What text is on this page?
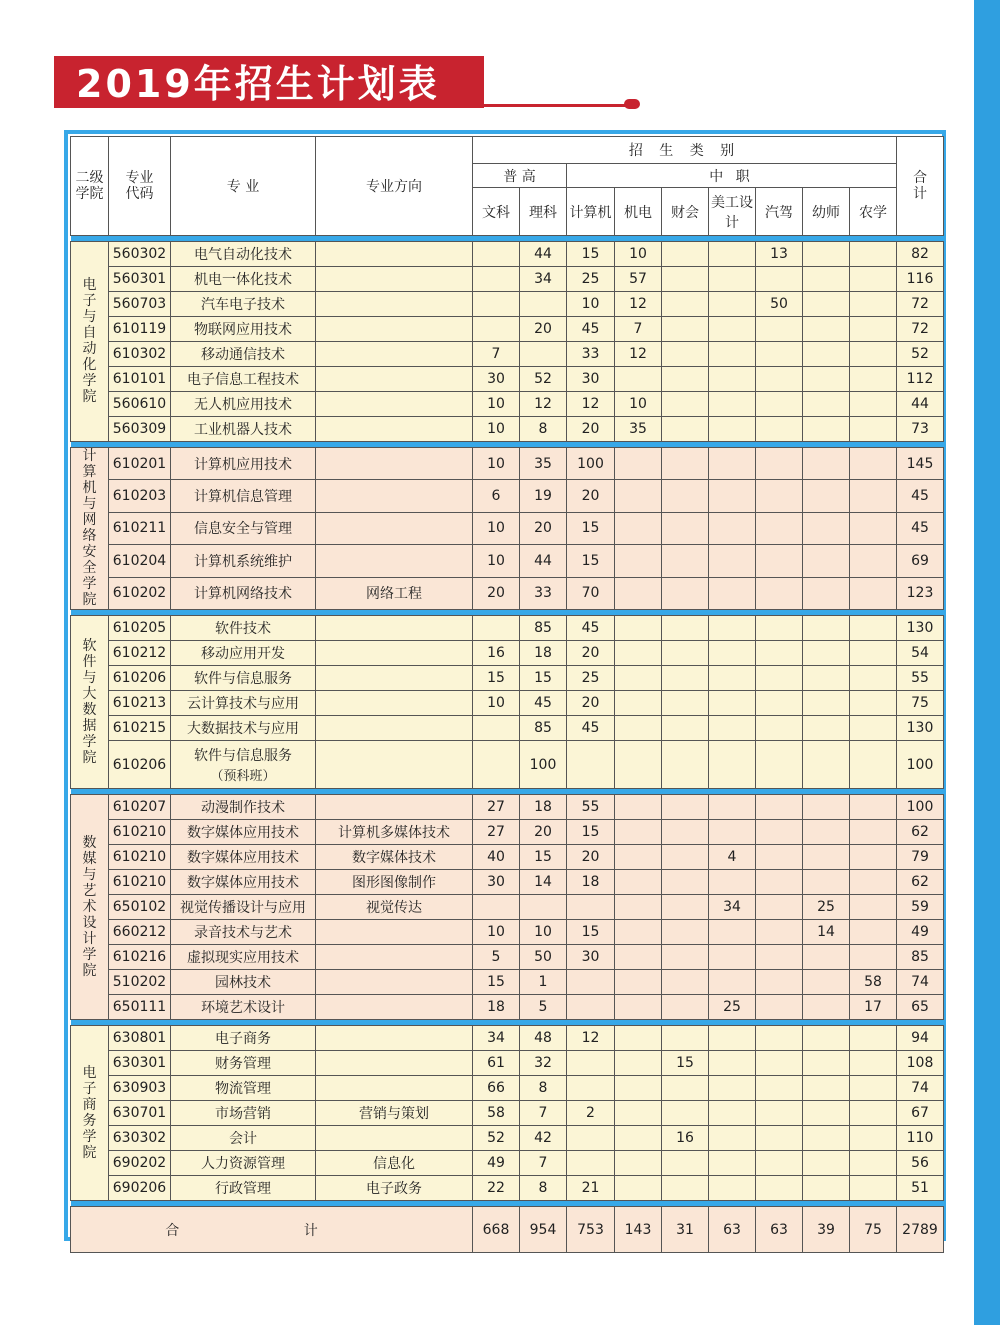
2019年招生计划表
二级学院	专业代码	专 业	专业方向	招 生 类 别									合计
				普 高		中 职							
				文科	理科	计算机	机电	财会	美工设计	汽驾	幼师	农学	

电子与自动化学院	560302	电气自动化技术			44	15	10			13			82
	560301	机电一体化技术			34	25	57						116
	560703	汽车电子技术				10	12			50			72
	610119	物联网应用技术			20	45	7						72
	610302	移动通信技术		7		33	12						52
	610101	电子信息工程技术		30	52	30							112
	560610	无人机应用技术		10	12	12	10						44
	560309	工业机器人技术		10	8	20	35						73

计算机与网络安全学院	610201	计算机应用技术		10	35	100							145
	610203	计算机信息管理		6	19	20							45
	610211	信息安全与管理		10	20	15							45
	610204	计算机系统维护		10	44	15							69
	610202	计算机网络技术	网络工程	20	33	70							123

软件与大数据学院	610205	软件技术			85	45							130
	610212	移动应用开发		16	18	20							54
	610206	软件与信息服务		15	15	25							55
	610213	云计算技术与应用		10	45	20							75
	610215	大数据技术与应用			85	45							130
	610206	软件与信息服务
（预科班）			100								100

数媒与艺术设计学院	610207	动漫制作技术		27	18	55							100
	610210	数字媒体应用技术	计算机多媒体技术	27	20	15							62
	610210	数字媒体应用技术	数字媒体技术	40	15	20			4				79
	610210	数字媒体应用技术	图形图像制作	30	14	18							62
	650102	视觉传播设计与应用	视觉传达						34		25		59
	660212	录音技术与艺术		10	10	15					14		49
	610216	虚拟现实应用技术		5	50	30							85
	510202	园林技术		15	1							58	74
	650111	环境艺术设计		18	5				25			17	65

电子商务学院	630801	电子商务		34	48	12							94
	630301	财务管理		61	32			15					108
	630903	物流管理		66	8								74
	630701	市场营销	营销与策划	58	7	2							67
	630302	会计		52	42			16					110
	690202	人力资源管理	信息化	49	7								56
	690206	行政管理	电子政务	22	8	21							51

合 计				668	954	753	143	31	63	63	39	75	2789
